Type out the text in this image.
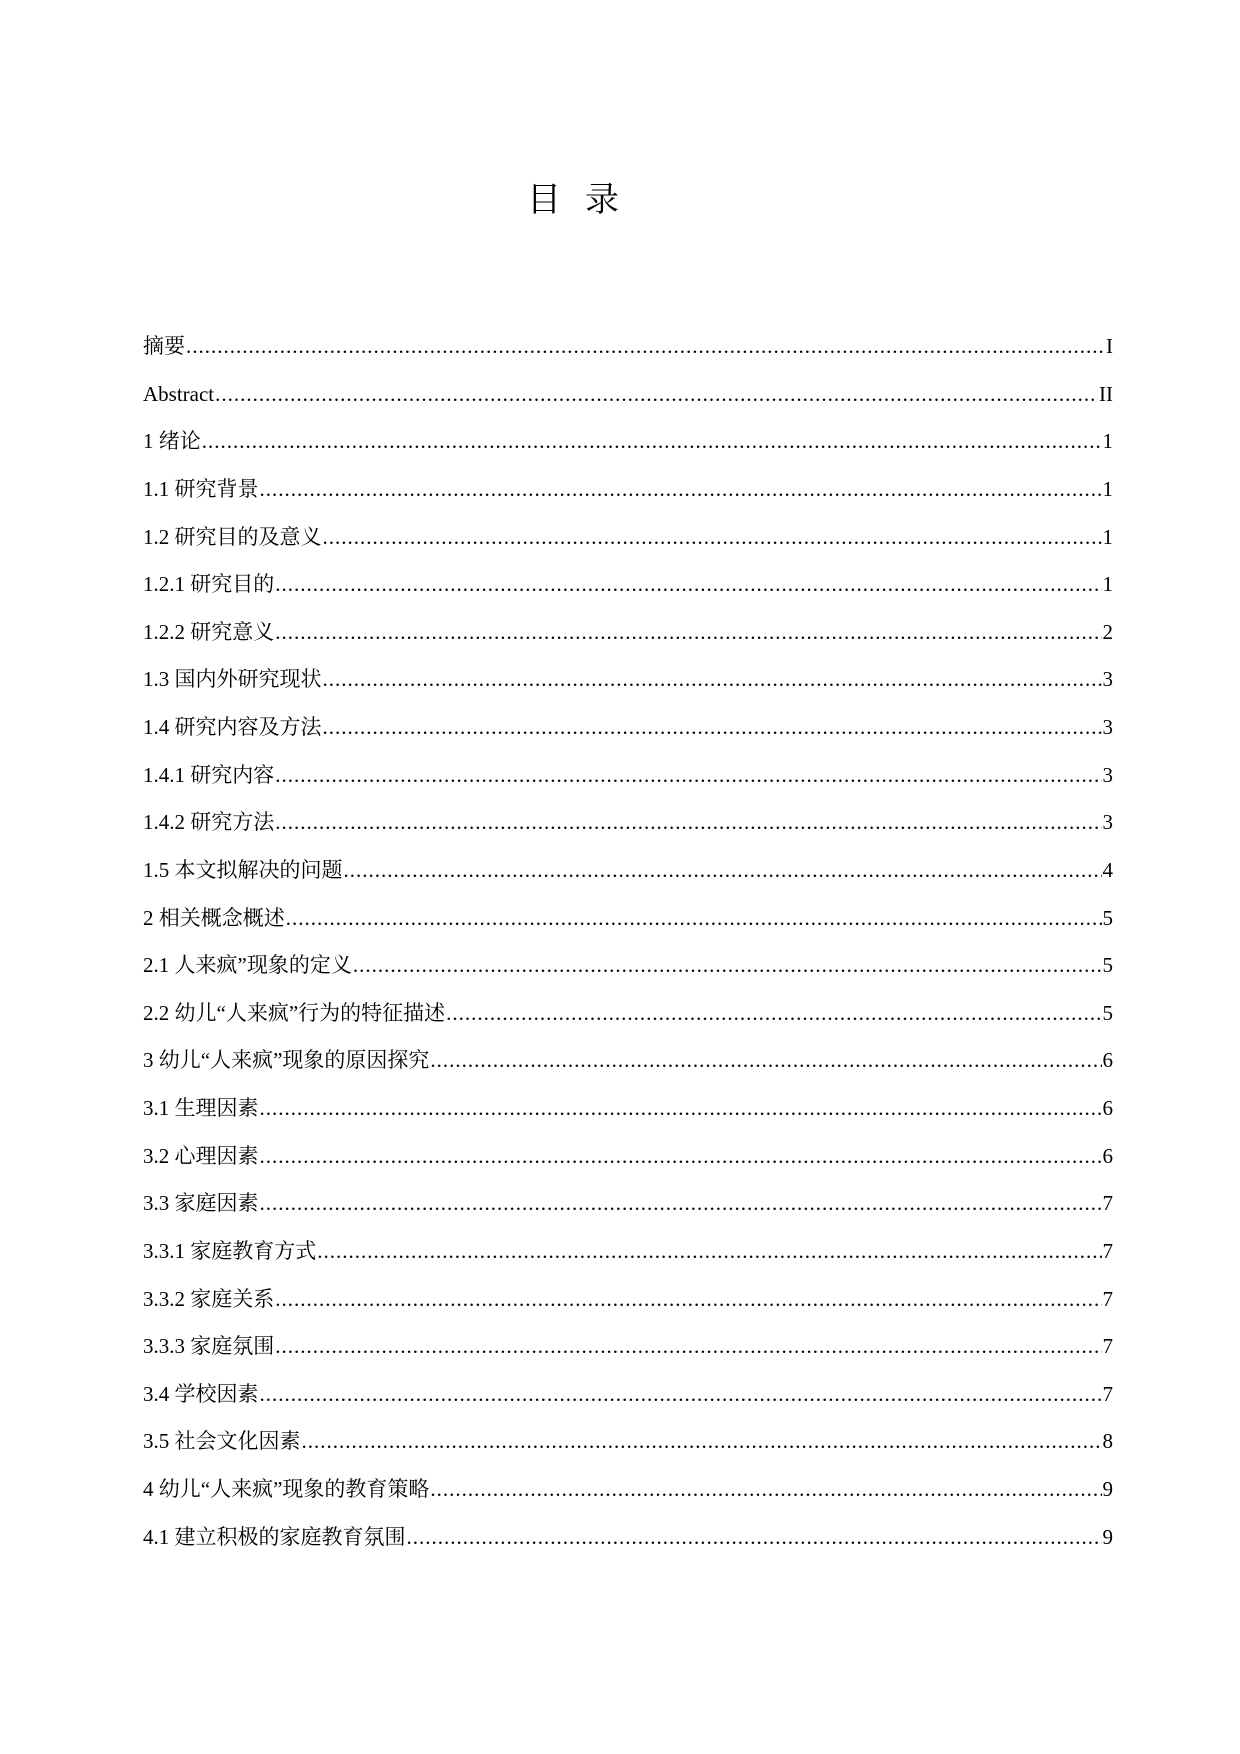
目录
摘要 .....	I
Abstract .....	II
1 绪论 .....	1
1.1 研究背景 .....	1
1.2 研究目的及意义 .....	1
1.2.1 研究目的 .....	1
1.2.2 研究意义 .....	2
1.3 国内外研究现状 .....	3
1.4 研究内容及方法 .....	3
1.4.1 研究内容 .....	3
1.4.2 研究方法 .....	3
1.5 本文拟解决的问题 .....	4
2 相关概念概述 .....	5
2.1 人来疯”现象的定义 .....	5
2.2 幼儿“人来疯”行为的特征描述 .....	5
3 幼儿“人来疯”现象的原因探究 .....	6
3.1 生理因素 .....	6
3.2 心理因素 .....	6
3.3 家庭因素 .....	7
3.3.1 家庭教育方式 .....	7
3.3.2 家庭关系 .....	7
3.3.3 家庭氛围 .....	7
3.4 学校因素 .....	7
3.5 社会文化因素 .....	8
4 幼儿“人来疯”现象的教育策略 .....	9
4.1 建立积极的家庭教育氛围 .....	9
